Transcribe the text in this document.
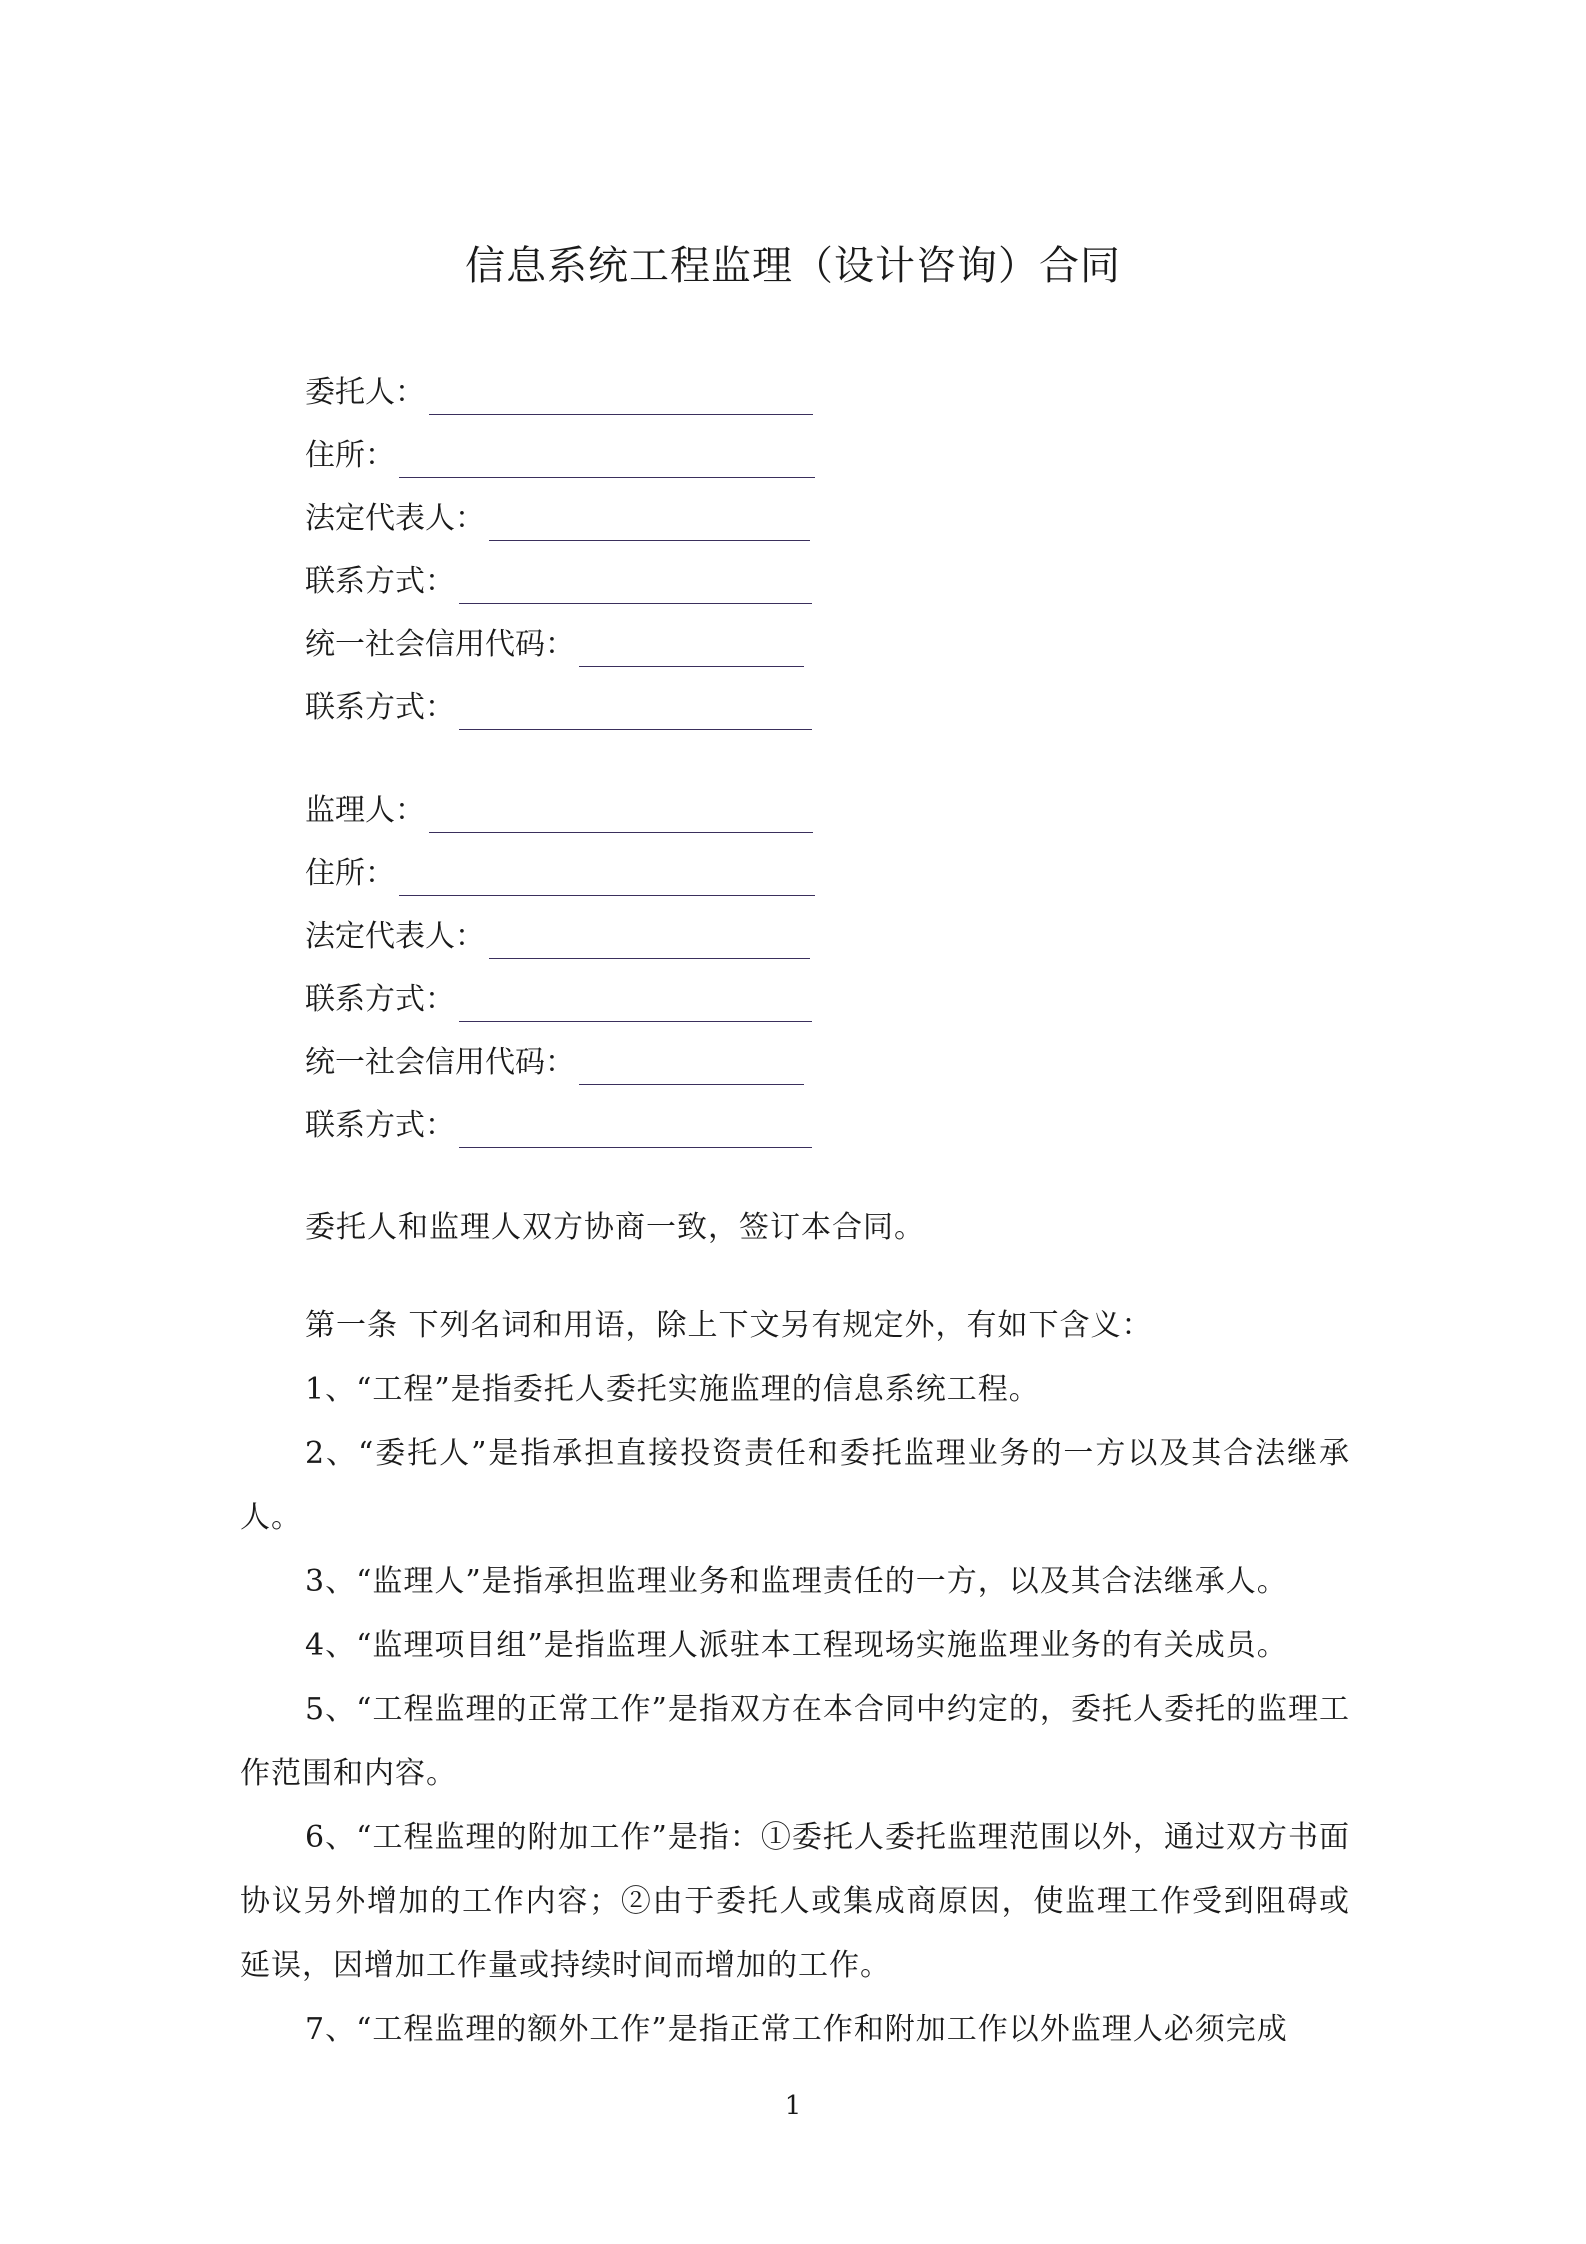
信息系统工程监理（设计咨询）合同
委托人：
住所：
法定代表人：
联系方式：
统一社会信用代码：
联系方式：
监理人：
住所：
法定代表人：
联系方式：
统一社会信用代码：
联系方式：
委托人和监理人双方协商一致，签订本合同。
第一条 下列名词和用语，除上下文另有规定外，有如下含义：
1、“工程”是指委托人委托实施监理的信息系统工程。
2、“委托人”是指承担直接投资责任和委托监理业务的一方以及其合法继承人。
3、“监理人”是指承担监理业务和监理责任的一方，以及其合法继承人。
4、“监理项目组”是指监理人派驻本工程现场实施监理业务的有关成员。
5、“工程监理的正常工作”是指双方在本合同中约定的，委托人委托的监理工作范围和内容。
6、“工程监理的附加工作”是指：①委托人委托监理范围以外，通过双方书面协议另外增加的工作内容；②由于委托人或集成商原因，使监理工作受到阻碍或延误，因增加工作量或持续时间而增加的工作。
7、“工程监理的额外工作”是指正常工作和附加工作以外监理人必须完成
1
